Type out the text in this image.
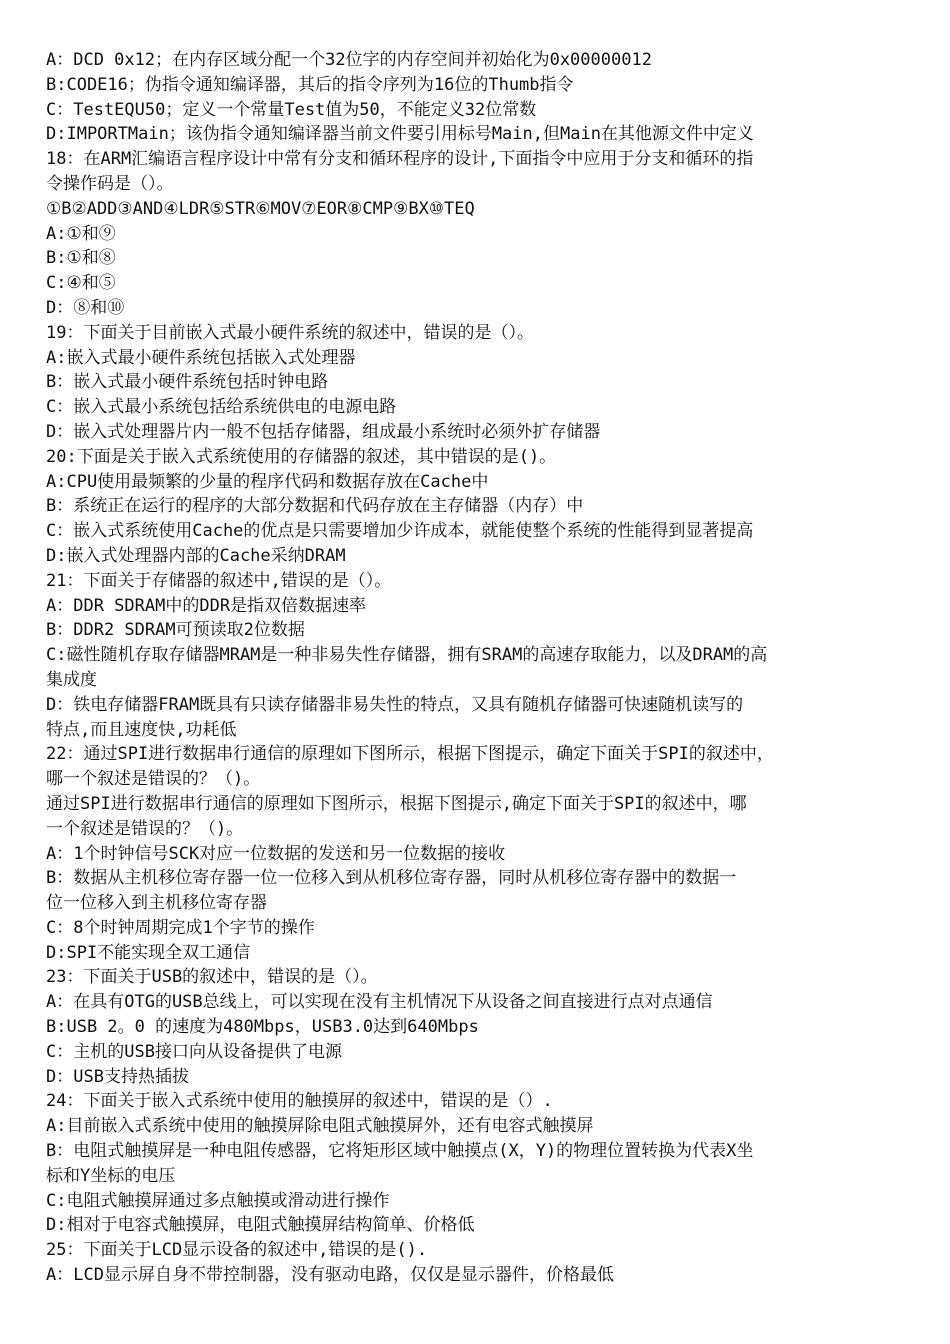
A：DCD 0x12；在内存区域分配一个32位字的内存空间并初始化为0x00000012
B:CODE16；伪指令通知编译器，其后的指令序列为16位的Thumb指令
C：TestEQU50；定义一个常量Test值为50，不能定义32位常数
D:IMPORTMain；该伪指令通知编译器当前文件要引用标号Main,但Main在其他源文件中定义
18：在ARM汇编语言程序设计中常有分支和循环程序的设计,下面指令中应用于分支和循环的指
令操作码是（）。
①B②ADD③AND④LDR⑤STR⑥MOV⑦EOR⑧CMP⑨BX⑩TEQ
A:①和⑨
B:①和⑧
C:④和⑤
D：⑧和⑩
19：下面关于目前嵌入式最小硬件系统的叙述中，错误的是（）。
A:嵌入式最小硬件系统包括嵌入式处理器
B：嵌入式最小硬件系统包括时钟电路
C：嵌入式最小系统包括给系统供电的电源电路
D：嵌入式处理器片内一般不包括存储器，组成最小系统时必须外扩存储器
20:下面是关于嵌入式系统使用的存储器的叙述，其中错误的是()。
A:CPU使用最频繁的少量的程序代码和数据存放在Cache中
B：系统正在运行的程序的大部分数据和代码存放在主存储器（内存）中
C：嵌入式系统使用Cache的优点是只需要增加少许成本，就能使整个系统的性能得到显著提高
D:嵌入式处理器内部的Cache采纳DRAM
21：下面关于存储器的叙述中,错误的是（）。
A：DDR SDRAM中的DDR是指双倍数据速率
B：DDR2 SDRAM可预读取2位数据
C:磁性随机存取存储器MRAM是一种非易失性存储器，拥有SRAM的高速存取能力，以及DRAM的高
集成度
D：铁电存储器FRAM既具有只读存储器非易失性的特点，又具有随机存储器可快速随机读写的
特点,而且速度快,功耗低
22：通过SPI进行数据串行通信的原理如下图所示，根据下图提示，确定下面关于SPI的叙述中，
哪一个叙述是错误的？（)。
通过SPI进行数据串行通信的原理如下图所示，根据下图提示,确定下面关于SPI的叙述中，哪
一个叙述是错误的？（)。
A：1个时钟信号SCK对应一位数据的发送和另一位数据的接收
B：数据从主机移位寄存器一位一位移入到从机移位寄存器，同时从机移位寄存器中的数据一
位一位移入到主机移位寄存器
C：8个时钟周期完成1个字节的操作
D:SPI不能实现全双工通信
23：下面关于USB的叙述中，错误的是（）。
A：在具有OTG的USB总线上，可以实现在没有主机情况下从设备之间直接进行点对点通信
B:USB 2。0 的速度为480Mbps，USB3.0达到640Mbps
C：主机的USB接口向从设备提供了电源
D：USB支持热插拔
24：下面关于嵌入式系统中使用的触摸屏的叙述中，错误的是（）.
A:目前嵌入式系统中使用的触摸屏除电阻式触摸屏外，还有电容式触摸屏
B：电阻式触摸屏是一种电阻传感器，它将矩形区域中触摸点(X，Y)的物理位置转换为代表X坐
标和Y坐标的电压
C:电阻式触摸屏通过多点触摸或滑动进行操作
D:相对于电容式触摸屏，电阻式触摸屏结构简单、价格低
25：下面关于LCD显示设备的叙述中,错误的是().
A：LCD显示屏自身不带控制器，没有驱动电路，仅仅是显示器件，价格最低
